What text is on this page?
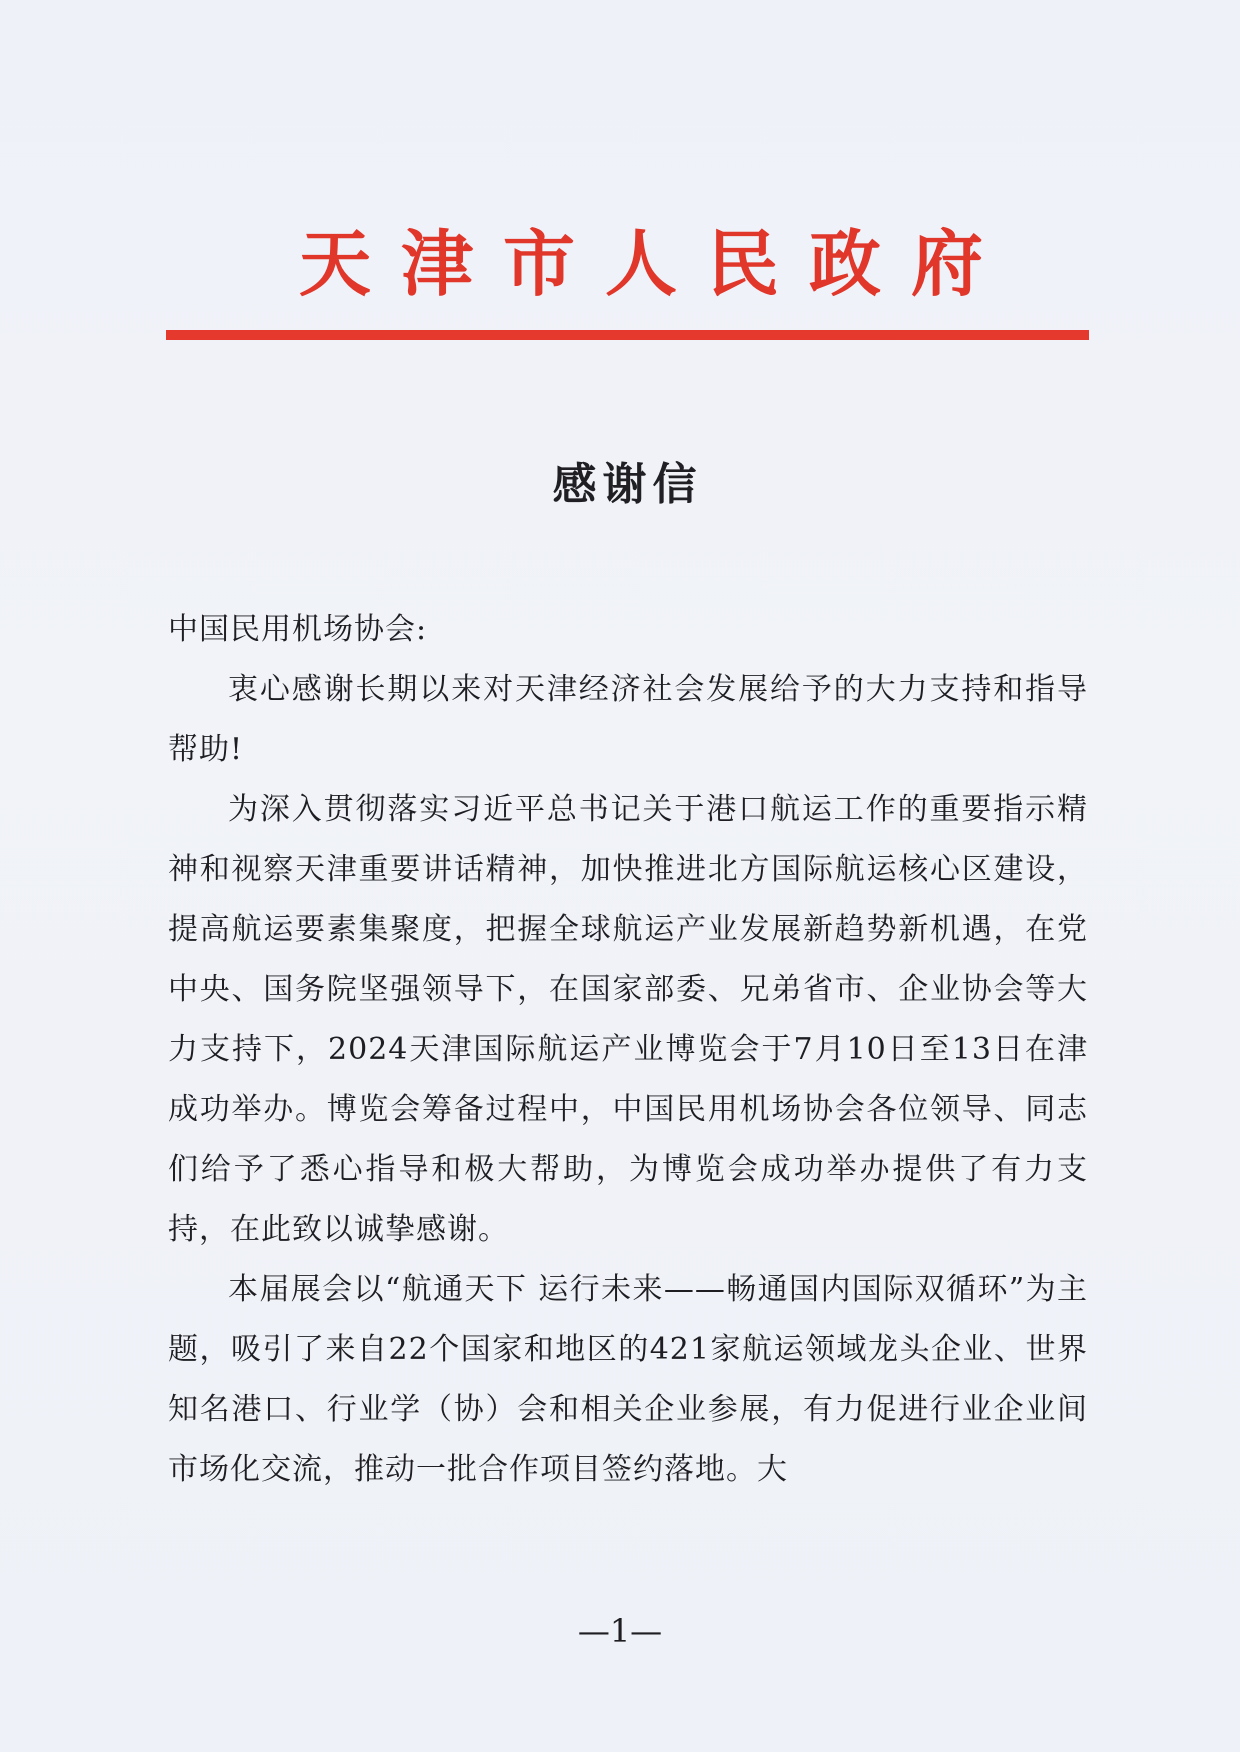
天津市人民政府
感谢信

中国民用机场协会:

衷心感谢长期以来对天津经济社会发展给予的大力支持和指导帮助!

为深入贯彻落实习近平总书记关于港口航运工作的重要指示精神和视察天津重要讲话精神，加快推进北方国际航运核心区建设，提高航运要素集聚度，把握全球航运产业发展新趋势新机遇，在党中央、国务院坚强领导下，在国家部委、兄弟省市、企业协会等大力支持下，2024天津国际航运产业博览会于7月10日至13日在津成功举办。博览会筹备过程中，中国民用机场协会各位领导、同志们给予了悉心指导和极大帮助，为博览会成功举办提供了有力支持，在此致以诚挚感谢。

本届展会以“航通天下 运行未来——畅通国内国际双循环”为主题，吸引了来自22个国家和地区的421家航运领域龙头企业、世界知名港口、行业学（协）会和相关企业参展，有力促进行业企业间市场化交流，推动一批合作项目签约落地。大

—1—
